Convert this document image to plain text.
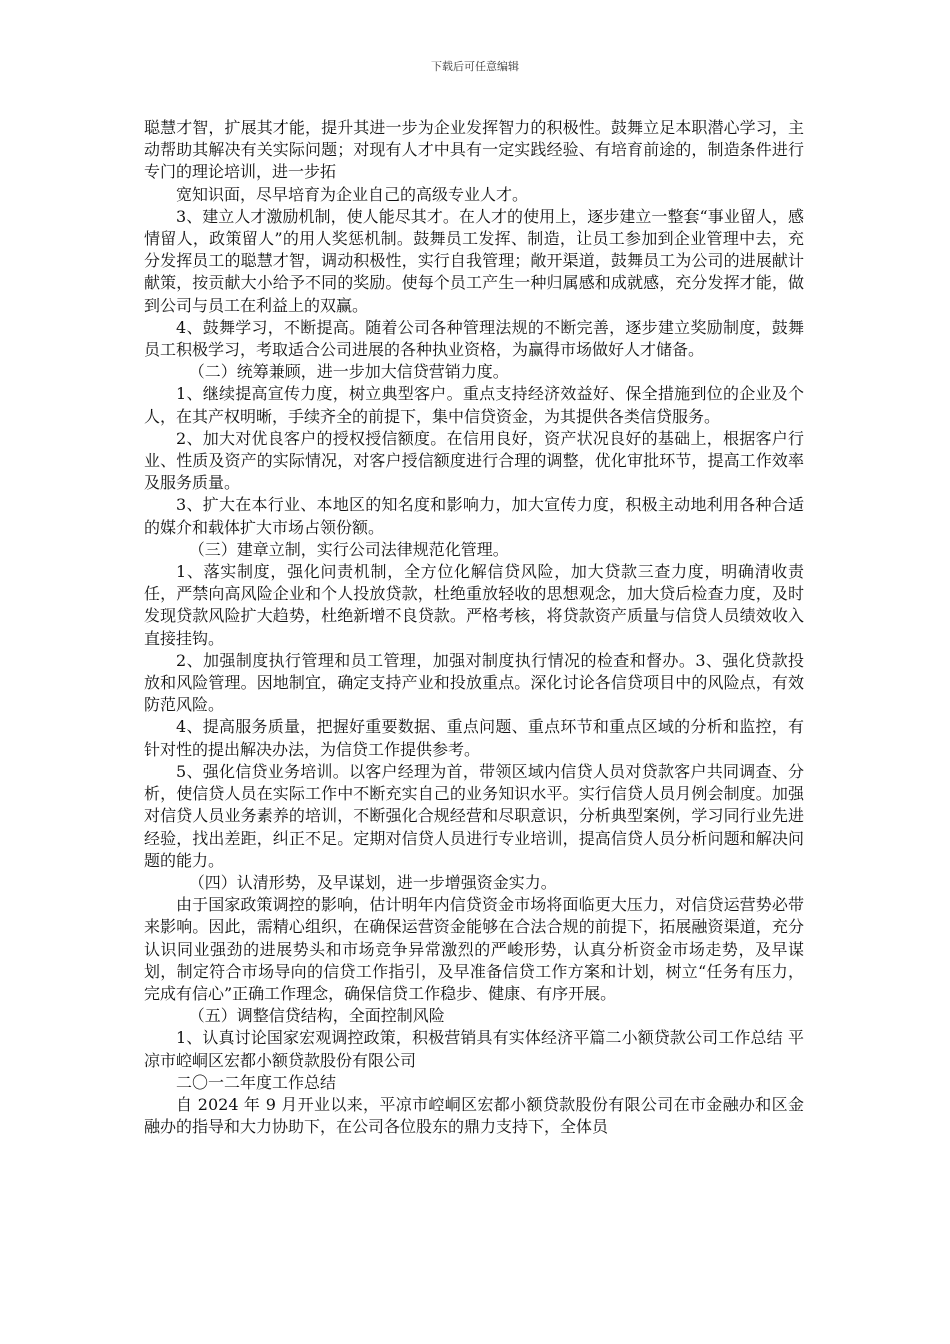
下载后可任意编辑

聪慧才智，扩展其才能，提升其进一步为企业发挥智力的积极性。鼓舞立足本职潜心学习，主动帮助其解决有关实际问题；对现有人才中具有一定实践经验、有培育前途的，制造条件进行专门的理论培训，进一步拓

宽知识面，尽早培育为企业自己的高级专业人才。

3、建立人才激励机制，使人能尽其才。在人才的使用上，逐步建立一整套“事业留人，感情留人，政策留人”的用人奖惩机制。鼓舞员工发挥、制造，让员工参加到企业管理中去，充分发挥员工的聪慧才智，调动积极性，实行自我管理；敞开渠道，鼓舞员工为公司的进展献计献策，按贡献大小给予不同的奖励。使每个员工产生一种归属感和成就感，充分发挥才能，做到公司与员工在利益上的双赢。

4、鼓舞学习，不断提高。随着公司各种管理法规的不断完善，逐步建立奖励制度，鼓舞员工积极学习，考取适合公司进展的各种执业资格，为赢得市场做好人才储备。

（二）统筹兼顾，进一步加大信贷营销力度。

1、继续提高宣传力度，树立典型客户。重点支持经济效益好、保全措施到位的企业及个人，在其产权明晰，手续齐全的前提下，集中信贷资金，为其提供各类信贷服务。

2、加大对优良客户的授权授信额度。在信用良好，资产状况良好的基础上，根据客户行业、性质及资产的实际情况，对客户授信额度进行合理的调整，优化审批环节，提高工作效率及服务质量。

3、扩大在本行业、本地区的知名度和影响力，加大宣传力度，积极主动地利用各种合适的媒介和载体扩大市场占领份额。

（三）建章立制，实行公司法律规范化管理。

1、落实制度，强化问责机制，全方位化解信贷风险，加大贷款三查力度，明确清收责任，严禁向高风险企业和个人投放贷款，杜绝重放轻收的思想观念，加大贷后检查力度，及时发现贷款风险扩大趋势，杜绝新增不良贷款。严格考核，将贷款资产质量与信贷人员绩效收入直接挂钩。

2、加强制度执行管理和员工管理，加强对制度执行情况的检查和督办。3、强化贷款投放和风险管理。因地制宜，确定支持产业和投放重点。深化讨论各信贷项目中的风险点，有效防范风险。

4、提高服务质量，把握好重要数据、重点问题、重点环节和重点区域的分析和监控，有针对性的提出解决办法，为信贷工作提供参考。

5、强化信贷业务培训。以客户经理为首，带领区域内信贷人员对贷款客户共同调查、分析，使信贷人员在实际工作中不断充实自己的业务知识水平。实行信贷人员月例会制度。加强对信贷人员业务素养的培训，不断强化合规经营和尽职意识，分析典型案例，学习同行业先进经验，找出差距，纠正不足。定期对信贷人员进行专业培训，提高信贷人员分析问题和解决问题的能力。

（四）认清形势，及早谋划，进一步增强资金实力。

由于国家政策调控的影响，估计明年内信贷资金市场将面临更大压力，对信贷运营势必带来影响。因此，需精心组织，在确保运营资金能够在合法合规的前提下，拓展融资渠道，充分认识同业强劲的进展势头和市场竞争异常激烈的严峻形势，认真分析资金市场走势，及早谋划，制定符合市场导向的信贷工作指引，及早准备信贷工作方案和计划，树立“任务有压力，完成有信心”正确工作理念，确保信贷工作稳步、健康、有序开展。

（五）调整信贷结构，全面控制风险

1、认真讨论国家宏观调控政策，积极营销具有实体经济平篇二小额贷款公司工作总结 平凉市崆峒区宏都小额贷款股份有限公司

二〇一二年度工作总结

自 2024 年 9 月开业以来，平凉市崆峒区宏都小额贷款股份有限公司在市金融办和区金融办的指导和大力协助下，在公司各位股东的鼎力支持下，全体员
